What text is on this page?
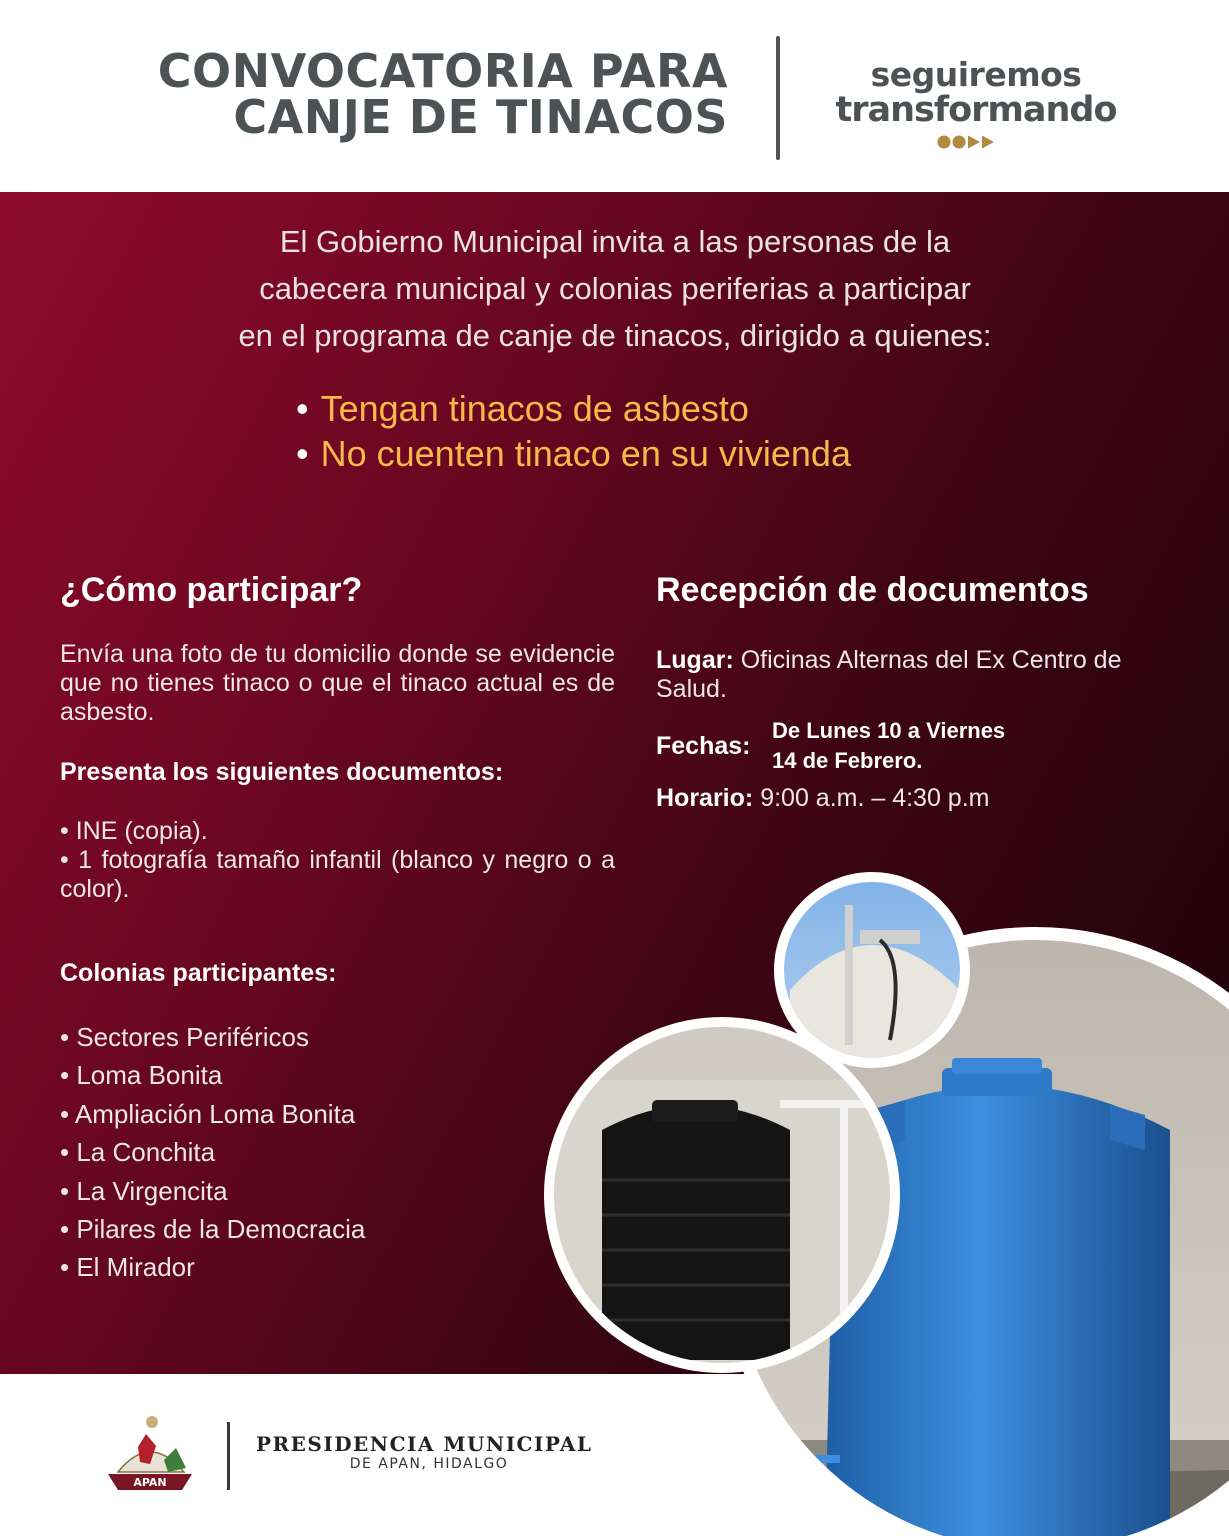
CONVOCATORIA PARA
CANJE DE TINACOS
seguiremos
transformando
El Gobierno Municipal invita a las personas de la
cabecera municipal y colonias periferias a participar
en el programa de canje de tinacos, dirigido a quienes:
• Tengan tinacos de asbesto
• No cuenten tinaco en su vivienda
¿Cómo participar?

Envía una foto de tu domicilio donde se evidencie que no tienes tinaco o que el tinaco actual es de asbesto.

Presenta los siguientes documentos:
• INE (copia).
• 1 fotografía tamaño infantil (blanco y negro o a color).
Colonias participantes:
• Sectores Periféricos
• Loma Bonita
• Ampliación Loma Bonita
• La Conchita
• La Virgencita
• Pilares de la Democracia
• El Mirador
Recepción de documentos
Lugar: Oficinas Alternas del Ex Centro de Salud.
Fechas:
De Lunes 10 a Viernes
14 de Febrero.
Horario: 9:00 a.m. – 4:30 p.m
APAN
PRESIDENCIA MUNICIPAL
DE APAN, HIDALGO
